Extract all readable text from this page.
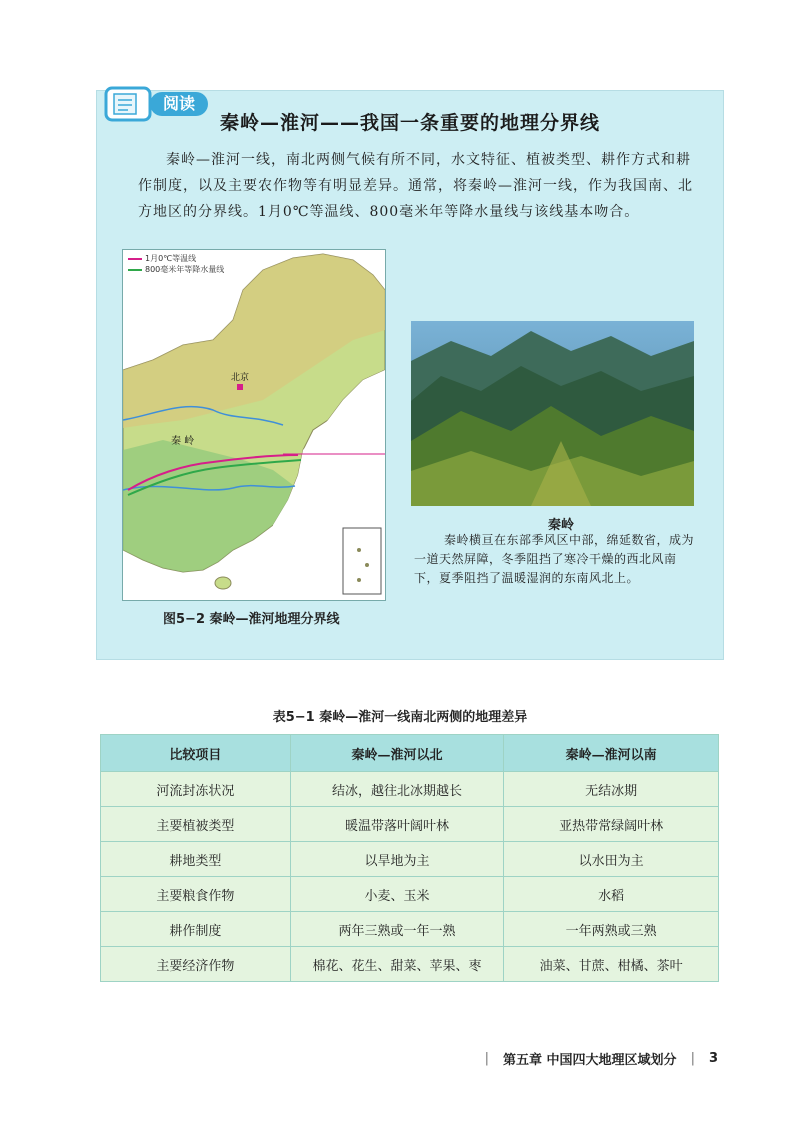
阅读
秦岭—淮河——我国一条重要的地理分界线
秦岭—淮河一线，南北两侧气候有所不同，水文特征、植被类型、耕作方式和耕作制度，以及主要农作物等有明显差异。通常，将秦岭—淮河一线，作为我国南、北方地区的分界线。1月0℃等温线、800毫米年等降水量线与该线基本吻合。
北京
秦 岭
1月0℃等温线
800毫米年等降水量线
秦岭
秦岭横亘在东部季风区中部，绵延数省，成为一道天然屏障，冬季阻挡了寒冷干燥的西北风南下，夏季阻挡了温暖湿润的东南风北上。
图5−2 秦岭—淮河地理分界线
表5−1 秦岭—淮河一线南北两侧的地理差异
比较项目	秦岭—淮河以北	秦岭—淮河以南
河流封冻状况	结冰，越往北冰期越长	无结冰期
主要植被类型	暖温带落叶阔叶林	亚热带常绿阔叶林
耕地类型	以旱地为主	以水田为主
主要粮食作物	小麦、玉米	水稻
耕作制度	两年三熟或一年一熟	一年两熟或三熟
主要经济作物	棉花、花生、甜菜、苹果、枣	油菜、甘蔗、柑橘、茶叶
| 第五章 中国四大地理区域划分 | 3
